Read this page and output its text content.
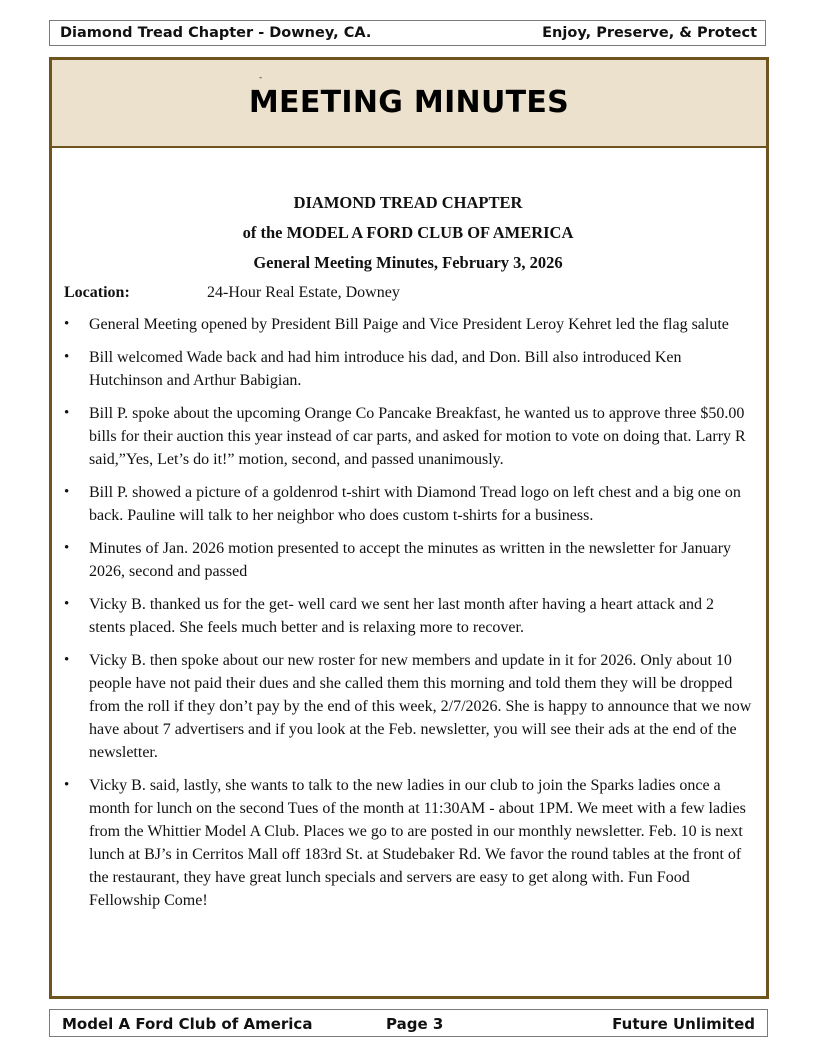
Diamond Tread Chapter - Downey, CA.	Enjoy, Preserve, & Protect
-
MEETING MINUTES
DIAMOND TREAD CHAPTER
of the MODEL A FORD CLUB OF AMERICA
General Meeting Minutes, February 3, 2026
Location:	24-Hour Real Estate, Downey
• General Meeting opened by President Bill Paige and Vice President Leroy Kehret led the flag salute
• Bill welcomed Wade back and had him introduce his dad, and Don. Bill also introduced Ken Hutchinson and Arthur Babigian.
• Bill P. spoke about the upcoming Orange Co Pancake Breakfast, he wanted us to approve three $50.00 bills for their auction this year instead of car parts, and asked for motion to vote on doing that. Larry R said,”Yes, Let’s do it!” motion, second, and passed unanimously.
• Bill P. showed a picture of a goldenrod t-shirt with Diamond Tread logo on left chest and a big one on back. Pauline will talk to her neighbor who does custom t-shirts for a business.
• Minutes of Jan. 2026 motion presented to accept the minutes as written in the newsletter for January 2026, second and passed
• Vicky B. thanked us for the get- well card we sent her last month after having a heart attack and 2 stents placed. She feels much better and is relaxing more to recover.
• Vicky B. then spoke about our new roster for new members and update in it for 2026. Only about 10 people have not paid their dues and she called them this morning and told them they will be dropped from the roll if they don’t pay by the end of this week, 2/7/2026. She is happy to announce that we now have about 7 advertisers and if you look at the Feb. newsletter, you will see their ads at the end of the newsletter.
• Vicky B. said, lastly, she wants to talk to the new ladies in our club to join the Sparks ladies once a month for lunch on the second Tues of the month at 11:30AM - about 1PM. We meet with a few ladies from the Whittier Model A Club. Places we go to are posted in our monthly newsletter. Feb. 10 is next lunch at BJ’s in Cerritos Mall off 183rd St. at Studebaker Rd. We favor the round tables at the front of the restaurant, they have great lunch specials and servers are easy to get along with. Fun Food Fellowship Come!
Model A Ford Club of America	Page 3	Future Unlimited
